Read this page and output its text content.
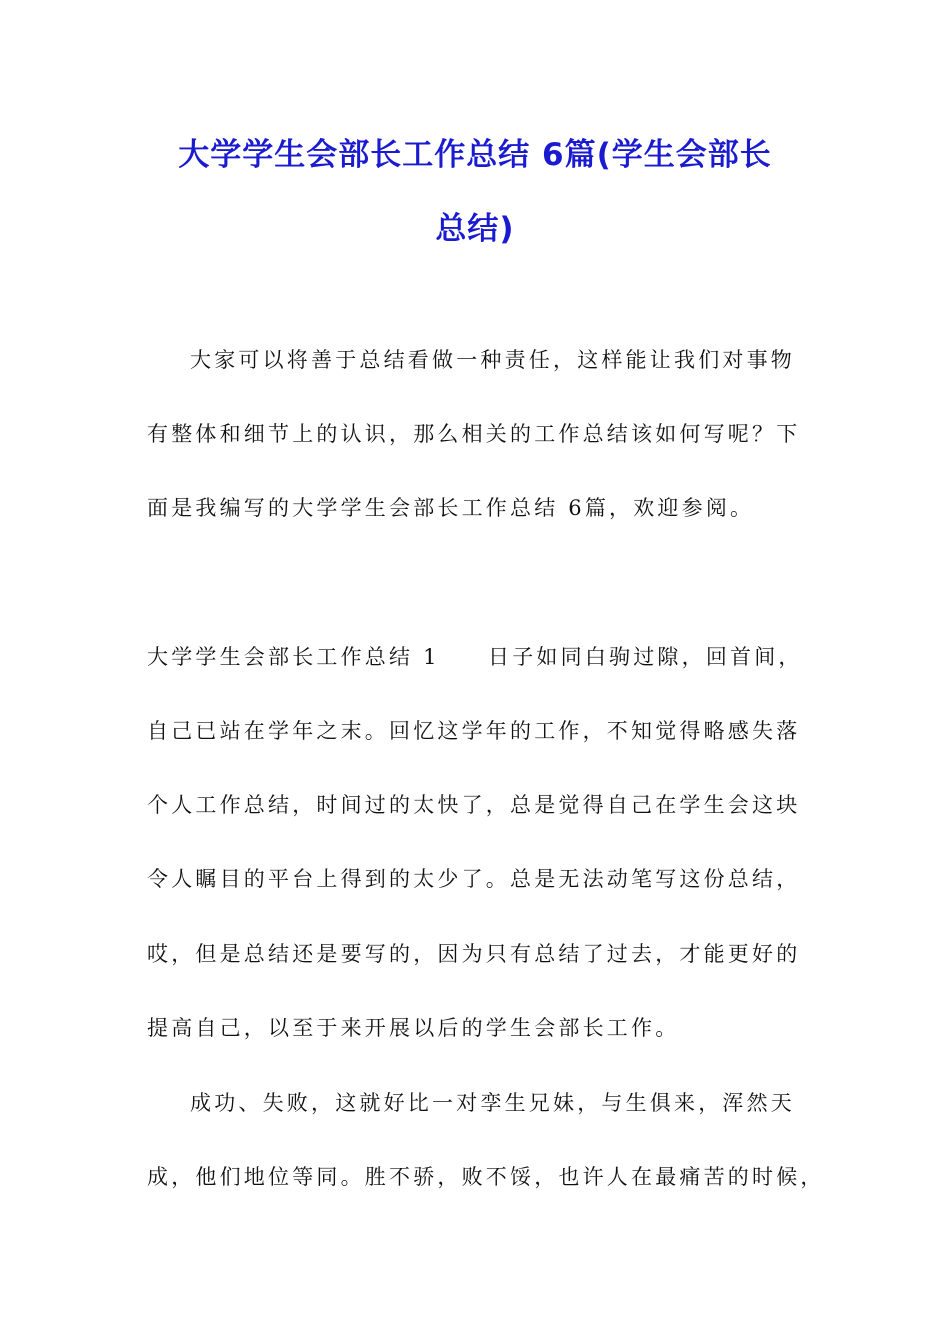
大学学生会部长工作总结 6篇(学生会部长
总结)

大家可以将善于总结看做一种责任，这样能让我们对事物

有整体和细节上的认识，那么相关的工作总结该如何写呢？下

面是我编写的大学学生会部长工作总结 6篇，欢迎参阅。

大学学生会部长工作总结 1　　日子如同白驹过隙，回首间，

自己已站在学年之末。回忆这学年的工作，不知觉得略感失落

个人工作总结，时间过的太快了，总是觉得自己在学生会这块

令人瞩目的平台上得到的太少了。总是无法动笔写这份总结，

哎，但是总结还是要写的，因为只有总结了过去，才能更好的

提高自己，以至于来开展以后的学生会部长工作。

成功、失败，这就好比一对孪生兄妹，与生俱来，浑然天

成，他们地位等同。胜不骄，败不馁，也许人在最痛苦的时候，
